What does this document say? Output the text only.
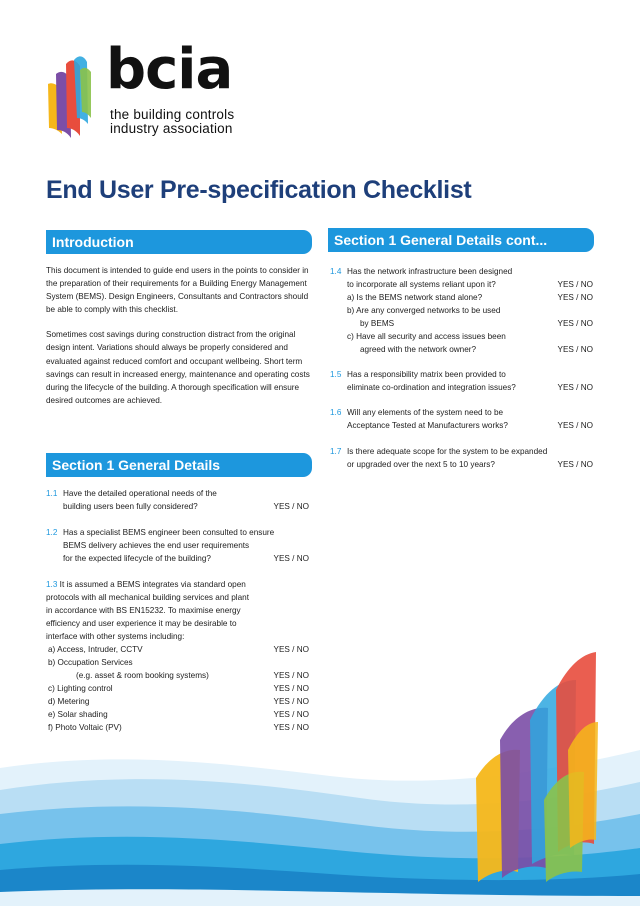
bcia
the building controls
industry association
End User Pre-specification Checklist
Introduction

This document is intended to guide end users in the points to consider in the preparation of their requirements for a Building Energy Management System (BEMS). Design Engineers, Consultants and Contractors should be able to comply with this checklist.

Sometimes cost savings during construction distract from the original design intent. Variations should always be properly considered and evaluated against reduced comfort and occupant wellbeing. Short term savings can result in increased energy, maintenance and operating costs during the lifecycle of the building. A thorough specification will ensure desired outcomes are achieved.

Section 1 General Details
1.1 Have the detailed operational needs of the
building users been fully considered?	YES / NO
1.2 Has a specialist BEMS engineer been consulted to ensure
BEMS delivery achieves the end user requirements
for the expected lifecycle of the building?	YES / NO
1.3 It is assumed a BEMS integrates via standard open
protocols with all mechanical building services and plant
in accordance with BS EN15232. To maximise energy
efficiency and user experience it may be desirable to
interface with other systems including:
a) Access, Intruder, CCTV	YES / NO
b) Occupation Services
(e.g. asset & room booking systems)	YES / NO
c) Lighting control	YES / NO
d) Metering	YES / NO
e) Solar shading	YES / NO
f) Photo Voltaic (PV)	YES / NO
Section 1 General Details cont...
1.4 Has the network infrastructure been designed
to incorporate all systems reliant upon it?	YES / NO
a) Is the BEMS network stand alone?	YES / NO
b) Are any converged networks to be used
by BEMS	YES / NO
c) Have all security and access issues been
agreed with the network owner?	YES / NO
1.5 Has a responsibility matrix been provided to
eliminate co-ordination and integration issues?	YES / NO
1.6 Will any elements of the system need to be
Acceptance Tested at Manufacturers works?	YES / NO
1.7 Is there adequate scope for the system to be expanded
or upgraded over the next 5 to 10 years?	YES / NO
